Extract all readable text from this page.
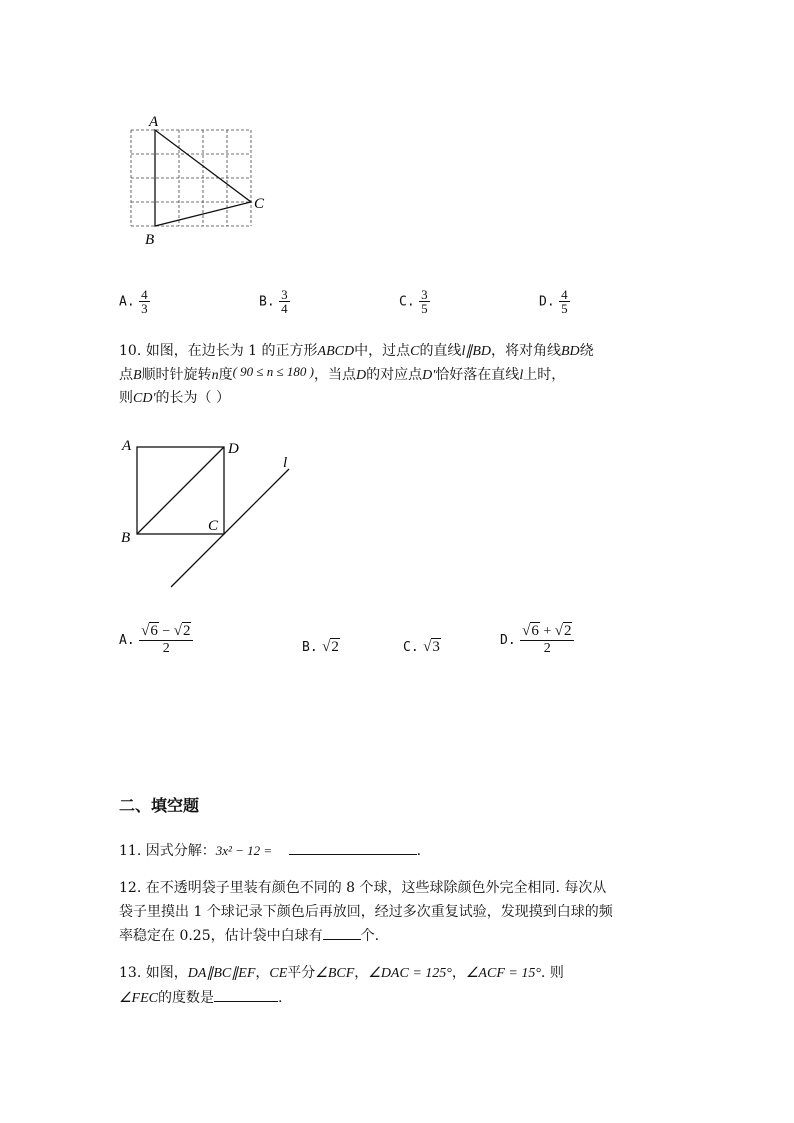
A
B
C
A. $\frac{4}{3}$	B. $\frac{3}{4}$	C. $\frac{3}{5}$	D. $\frac{4}{5}$
10. 如图，在边长为 1 的正方形ABCD中，过点C的直线l∥BD，将对角线BD绕
点B顺时针旋转n度( 90 ≤ n ≤ 180 )，当点D的对应点D′恰好落在直线l上时，
则CD′的长为（ ）
A	D
B
C
l
A. $\frac{√6 - √2}{2}$	B. √2	C. √3	D. $\frac{√6 + √2}{2}$
二、填空题
11. 因式分解：3x² − 12 =	.
12. 在不透明袋子里装有颜色不同的 8 个球，这些球除颜色外完全相同. 每次从
袋子里摸出 1 个球记录下颜色后再放回，经过多次重复试验，发现摸到白球的频
率稳定在 0.25，估计袋中白球有	个.
13. 如图，DA∥BC∥EF，CE平分∠BCF，∠DAC = 125°，∠ACF = 15°. 则
∠FEC的度数是	.
